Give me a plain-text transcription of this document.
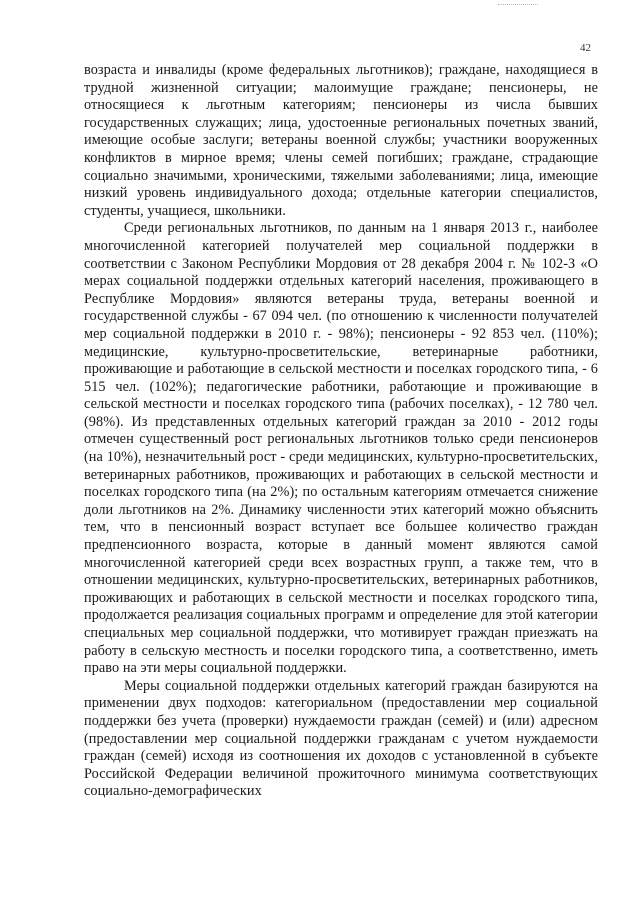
42

возраста и инвалиды (кроме федеральных льготников); граждане, находящиеся в трудной жизненной ситуации; малоимущие граждане; пенсионеры, не относящиеся к льготным категориям; пенсионеры из числа бывших государственных служащих; лица, удостоенные региональных почетных званий, имеющие особые заслуги; ветераны военной службы; участники вооруженных конфликтов в мирное время; члены семей погибших; граждане, страдающие социально значимыми, хроническими, тяжелыми заболеваниями; лица, имеющие низкий уровень индивидуального дохода; отдельные категории специалистов, студенты, учащиеся, школьники.

Среди региональных льготников, по данным на 1 января 2013 г., наиболее многочисленной категорией получателей мер социальной поддержки в соответствии с Законом Республики Мордовия от 28 декабря 2004 г. № 102-З «О мерах социальной поддержки отдельных категорий населения, проживающего в Республике Мордовия» являются ветераны труда, ветераны военной и государственной службы - 67 094 чел. (по отношению к численности получателей мер социальной поддержки в 2010 г. - 98%); пенсионеры - 92 853 чел. (110%); медицинские, культурно-просветительские, ветеринарные работники, проживающие и работающие в сельской местности и поселках городского типа, - 6 515 чел. (102%); педагогические работники, работающие и проживающие в сельской местности и поселках городского типа (рабочих поселках), - 12 780 чел. (98%). Из представленных отдельных категорий граждан за 2010 - 2012 годы отмечен существенный рост региональных льготников только среди пенсионеров (на 10%), незначительный рост - среди медицинских, культурно-просветительских, ветеринарных работников, проживающих и работающих в сельской местности и поселках городского типа (на 2%); по остальным категориям отмечается снижение доли льготников на 2%. Динамику численности этих категорий можно объяснить тем, что в пенсионный возраст вступает все большее количество граждан предпенсионного возраста, которые в данный момент являются самой многочисленной категорией среди всех возрастных групп, а также тем, что в отношении медицинских, культурно-просветительских, ветеринарных работников, проживающих и работающих в сельской местности и поселках городского типа, продолжается реализация социальных программ и определение для этой категории специальных мер социальной поддержки, что мотивирует граждан приезжать на работу в сельскую местность и поселки городского типа, а соответственно, иметь право на эти меры социальной поддержки.

Меры социальной поддержки отдельных категорий граждан базируются на применении двух подходов: категориальном (предоставлении мер социальной поддержки без учета (проверки) нуждаемости граждан (семей) и (или) адресном (предоставлении мер социальной поддержки гражданам с учетом нуждаемости граждан (семей) исходя из соотношения их доходов с установленной в субъекте Российской Федерации величиной прожиточного минимума соответствующих социально-демографических
